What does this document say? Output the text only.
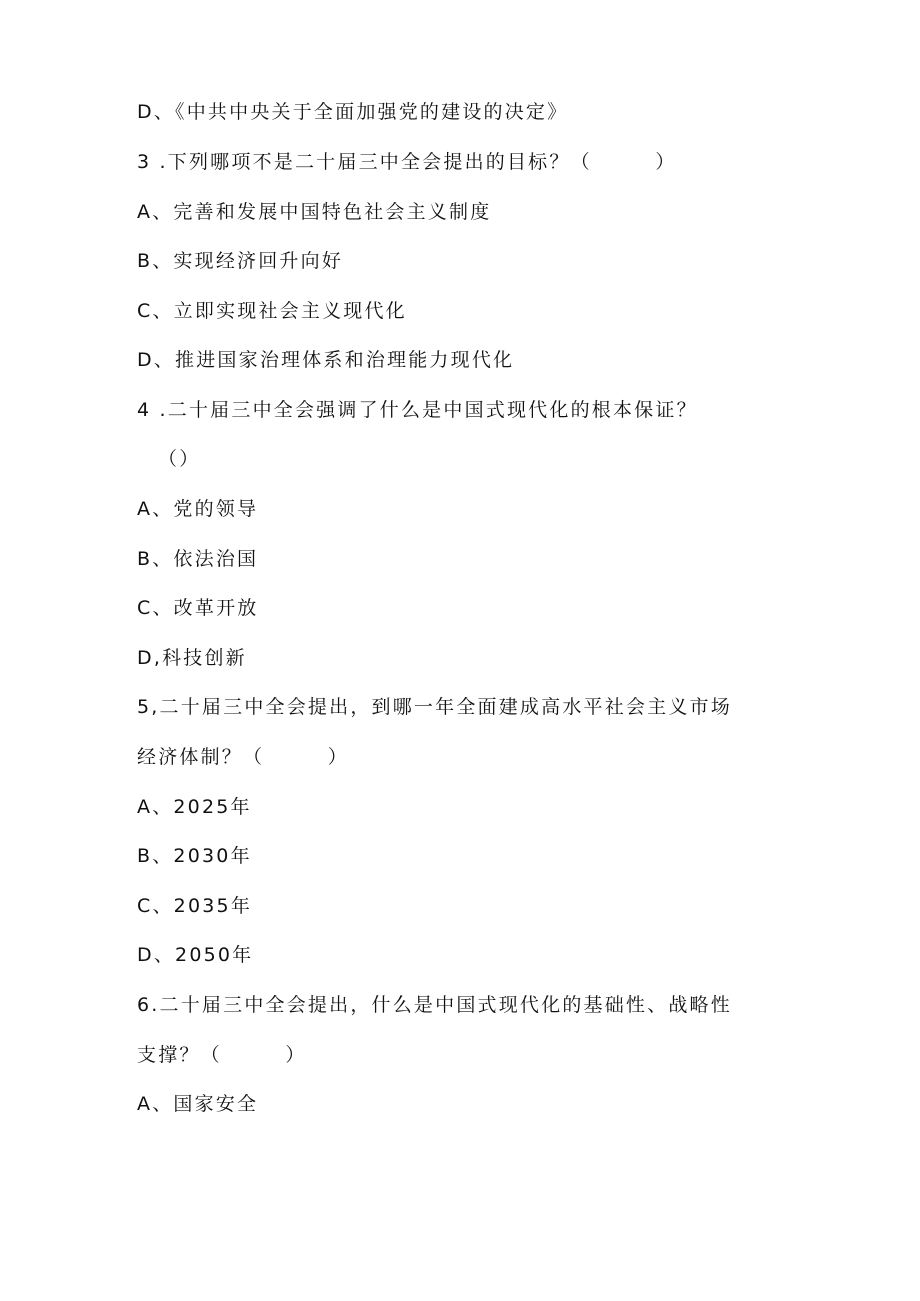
D、《中共中央关于全面加强党的建设的决定》
3 .下列哪项不是二十届三中全会提出的目标？（　　　）
A、完善和发展中国特色社会主义制度
B、实现经济回升向好
C、立即实现社会主义现代化
D、推进国家治理体系和治理能力现代化
4 .二十届三中全会强调了什么是中国式现代化的根本保证？
（）
A、党的领导
B、依法治国
C、改革开放
D,科技创新
5,二十届三中全会提出，到哪一年全面建成高水平社会主义市场
经济体制？（　　　）
A、2025年
B、2030年
C、2035年
D、2050年
6.二十届三中全会提出，什么是中国式现代化的基础性、战略性
支撑？（　　　）
A、国家安全
